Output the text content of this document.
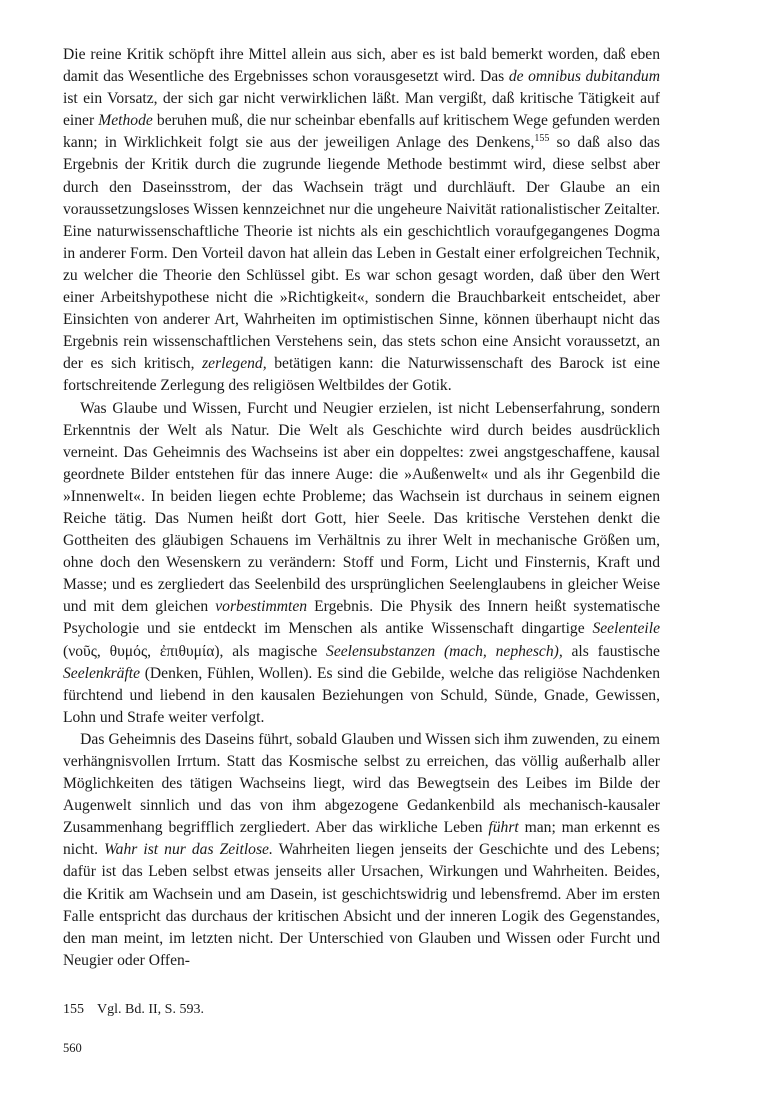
Die reine Kritik schöpft ihre Mittel allein aus sich, aber es ist bald bemerkt worden, daß eben damit das Wesentliche des Ergebnisses schon vorausgesetzt wird. Das de omnibus dubitandum ist ein Vorsatz, der sich gar nicht verwirklichen läßt. Man vergißt, daß kritische Tätigkeit auf einer Methode beruhen muß, die nur scheinbar ebenfalls auf kritischem Wege gefunden werden kann; in Wirklichkeit folgt sie aus der jeweiligen Anlage des Denkens,$^{155}$ so daß also das Ergebnis der Kritik durch die zugrunde liegende Methode bestimmt wird, diese selbst aber durch den Daseinsstrom, der das Wachsein trägt und durchläuft. Der Glaube an ein voraussetzungsloses Wissen kennzeichnet nur die ungeheure Naivität rationalistischer Zeitalter. Eine naturwissenschaftliche Theorie ist nichts als ein geschichtlich voraufgegangenes Dogma in anderer Form. Den Vorteil davon hat allein das Leben in Gestalt einer erfolgreichen Technik, zu welcher die Theorie den Schlüssel gibt. Es war schon gesagt worden, daß über den Wert einer Arbeitshypothese nicht die »Richtigkeit«, sondern die Brauchbarkeit entscheidet, aber Einsichten von anderer Art, Wahrheiten im optimistischen Sinne, können überhaupt nicht das Ergebnis rein wissenschaftlichen Verstehens sein, das stets schon eine Ansicht voraussetzt, an der es sich kritisch, zerlegend, betätigen kann: die Naturwissenschaft des Barock ist eine fortschreitende Zerlegung des religiösen Weltbildes der Gotik.

Was Glaube und Wissen, Furcht und Neugier erzielen, ist nicht Lebenserfahrung, sondern Erkenntnis der Welt als Natur. Die Welt als Geschichte wird durch beides ausdrücklich verneint. Das Geheimnis des Wachseins ist aber ein doppeltes: zwei angstgeschaffene, kausal geordnete Bilder entstehen für das innere Auge: die »Außenwelt« und als ihr Gegenbild die »Innenwelt«. In beiden liegen echte Probleme; das Wachsein ist durchaus in seinem eignen Reiche tätig. Das Numen heißt dort Gott, hier Seele. Das kritische Verstehen denkt die Gottheiten des gläubigen Schauens im Verhältnis zu ihrer Welt in mechanische Größen um, ohne doch den Wesenskern zu verändern: Stoff und Form, Licht und Finsternis, Kraft und Masse; und es zergliedert das Seelenbild des ursprünglichen Seelenglaubens in gleicher Weise und mit dem gleichen vorbestimmten Ergebnis. Die Physik des Innern heißt systematische Psychologie und sie entdeckt im Menschen als antike Wissenschaft dingartige Seelenteile (νοῦς, θυμός, ἐπιθυμία), als magische Seelensubstanzen (mach, nephesch), als faustische Seelenkräfte (Denken, Fühlen, Wollen). Es sind die Gebilde, welche das religiöse Nachdenken fürchtend und liebend in den kausalen Beziehungen von Schuld, Sünde, Gnade, Gewissen, Lohn und Strafe weiter verfolgt.

Das Geheimnis des Daseins führt, sobald Glauben und Wissen sich ihm zuwenden, zu einem verhängnisvollen Irrtum. Statt das Kosmische selbst zu erreichen, das völlig außerhalb aller Möglichkeiten des tätigen Wachseins liegt, wird das Bewegtsein des Leibes im Bilde der Augenwelt sinnlich und das von ihm abgezogene Gedankenbild als mechanisch-kausaler Zusammenhang begrifflich zergliedert. Aber das wirkliche Leben führt man; man erkennt es nicht. Wahr ist nur das Zeitlose. Wahrheiten liegen jenseits der Geschichte und des Lebens; dafür ist das Leben selbst etwas jenseits aller Ursachen, Wirkungen und Wahrheiten. Beides, die Kritik am Wachsein und am Dasein, ist geschichtswidrig und lebensfremd. Aber im ersten Falle entspricht das durchaus der kritischen Absicht und der inneren Logik des Gegenstandes, den man meint, im letzten nicht. Der Unterschied von Glauben und Wissen oder Furcht und Neugier oder Offen-

155 Vgl. Bd. II, S. 593.
560
